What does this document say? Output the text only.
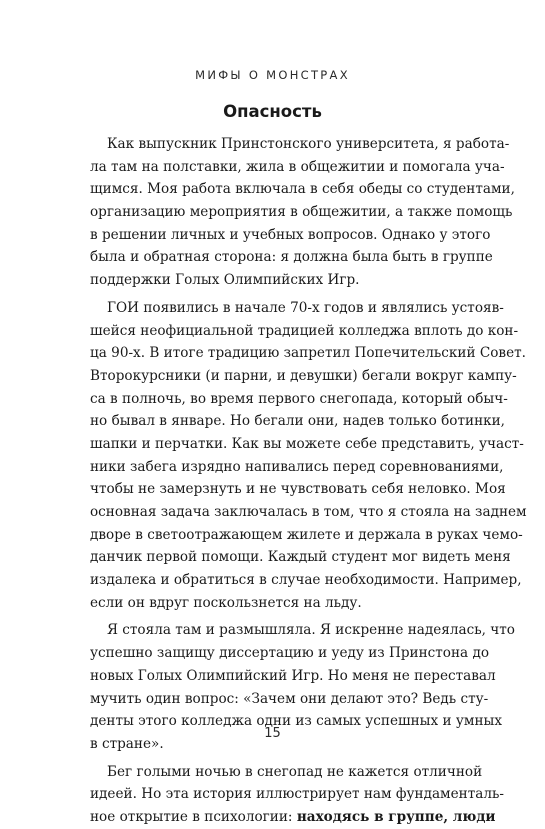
МИФЫ О МОНСТРАХ
Опасность
Как выпускник Принстонского университета, я работа-
ла там на полставки, жила в общежитии и помогала уча-
щимся. Моя работа включала в себя обеды со студентами,
организацию мероприятия в общежитии, а также помощь
в решении личных и учебных вопросов. Однако у этого
была и обратная сторона: я должна была быть в группе
поддержки Голых Олимпийских Игр.
ГОИ появились в начале 70-х годов и являлись устояв-
шейся неофициальной традицией колледжа вплоть до кон-
ца 90-х. В итоге традицию запретил Попечительский Совет.
Второкурсники (и парни, и девушки) бегали вокруг кампу-
са в полночь, во время первого снегопада, который обыч-
но бывал в январе. Но бегали они, надев только ботинки,
шапки и перчатки. Как вы можете себе представить, участ-
ники забега изрядно напивались перед соревнованиями,
чтобы не замерзнуть и не чувствовать себя неловко. Моя
основная задача заключалась в том, что я стояла на заднем
дворе в светоотражающем жилете и держала в руках чемо-
данчик первой помощи. Каждый студент мог видеть меня
издалека и обратиться в случае необходимости. Например,
если он вдруг поскользнется на льду.
Я стояла там и размышляла. Я искренне надеялась, что
успешно защищу диссертацию и уеду из Принстона до
новых Голых Олимпийский Игр. Но меня не переставал
мучить один вопрос: «Зачем они делают это? Ведь сту-
денты этого колледжа одни из самых успешных и умных
в стране».
Бег голыми ночью в снегопад не кажется отличной
идеей. Но эта история иллюстрирует нам фундаменталь-
ное открытие в психологии: находясь в группе, люди
15
